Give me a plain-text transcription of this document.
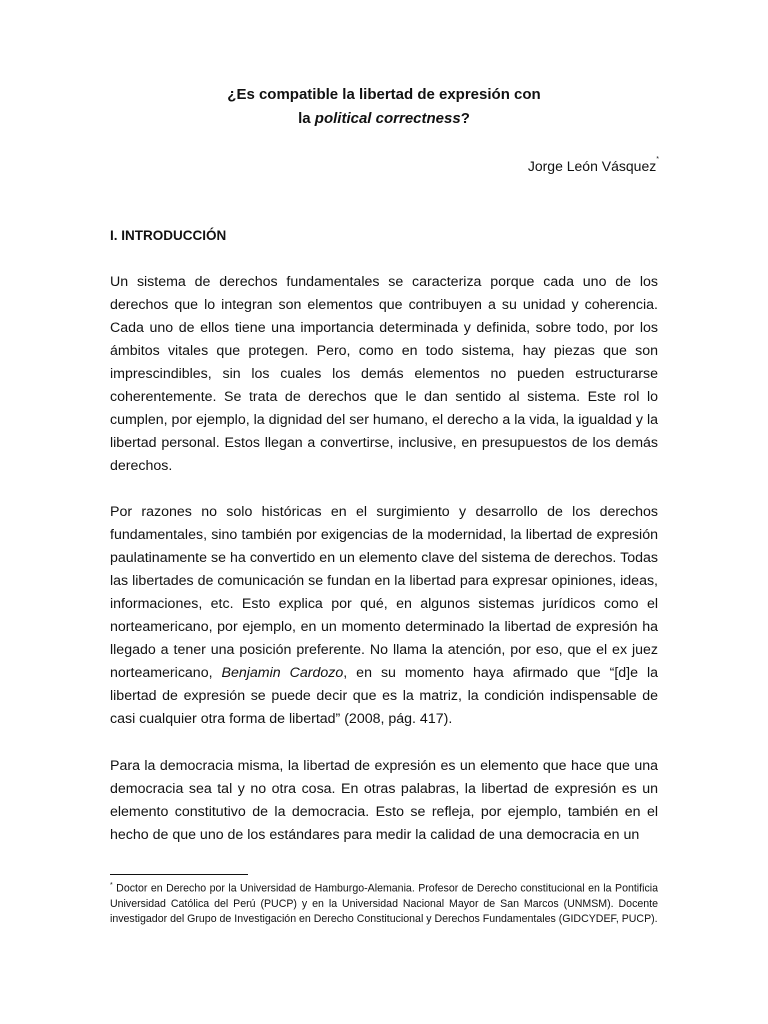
¿Es compatible la libertad de expresión con
la political correctness?
Jorge León Vásquez*
I. INTRODUCCIÓN

Un sistema de derechos fundamentales se caracteriza porque cada uno de los derechos que lo integran son elementos que contribuyen a su unidad y coherencia. Cada uno de ellos tiene una importancia determinada y definida, sobre todo, por los ámbitos vitales que protegen. Pero, como en todo sistema, hay piezas que son imprescindibles, sin los cuales los demás elementos no pueden estructurarse coherentemente. Se trata de derechos que le dan sentido al sistema. Este rol lo cumplen, por ejemplo, la dignidad del ser humano, el derecho a la vida, la igualdad y la libertad personal. Estos llegan a convertirse, inclusive, en presupuestos de los demás derechos.

Por razones no solo históricas en el surgimiento y desarrollo de los derechos fundamentales, sino también por exigencias de la modernidad, la libertad de expresión paulatinamente se ha convertido en un elemento clave del sistema de derechos. Todas las libertades de comunicación se fundan en la libertad para expresar opiniones, ideas, informaciones, etc. Esto explica por qué, en algunos sistemas jurídicos como el norteamericano, por ejemplo, en un momento determinado la libertad de expresión ha llegado a tener una posición preferente. No llama la atención, por eso, que el ex juez norteamericano, Benjamin Cardozo, en su momento haya afirmado que “[d]e la libertad de expresión se puede decir que es la matriz, la condición indispensable de casi cualquier otra forma de libertad” (2008, pág. 417).

Para la democracia misma, la libertad de expresión es un elemento que hace que una democracia sea tal y no otra cosa. En otras palabras, la libertad de expresión es un elemento constitutivo de la democracia. Esto se refleja, por ejemplo, también en el hecho de que uno de los estándares para medir la calidad de una democracia en un

* Doctor en Derecho por la Universidad de Hamburgo-Alemania. Profesor de Derecho constitucional en la Pontificia Universidad Católica del Perú (PUCP) y en la Universidad Nacional Mayor de San Marcos (UNMSM). Docente investigador del Grupo de Investigación en Derecho Constitucional y Derechos Fundamentales (GIDCYDEF, PUCP).
